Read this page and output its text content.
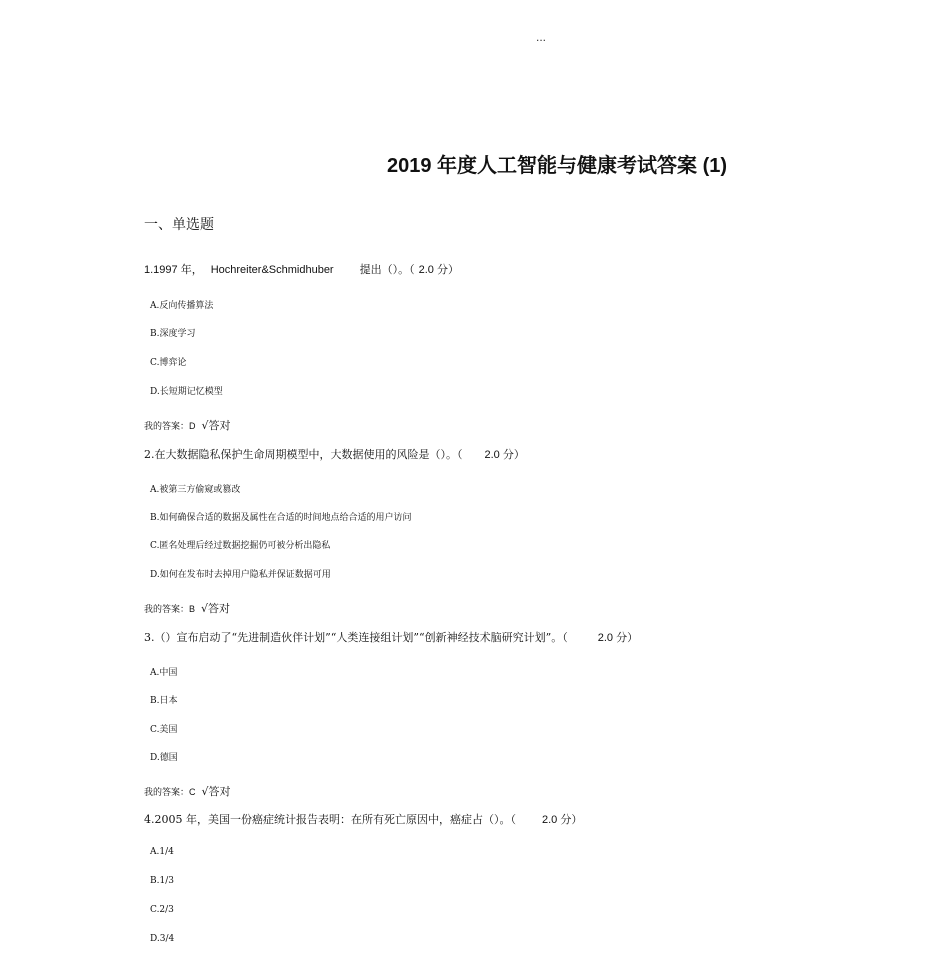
...
2019 年度人工智能与健康考试答案 (1)
一、单选题
1.1997 年， Hochreiter&Schmidhuber 提出（）。（ 2.0 分）
A.反向传播算法
B.深度学习
C.博弈论
D.长短期记忆模型
我的答案：D √答对
2.在大数据隐私保护生命周期模型中，大数据使用的风险是（）。（ 2.0 分）
A.被第三方偷窥或篡改
B.如何确保合适的数据及属性在合适的时间地点给合适的用户访问
C.匿名处理后经过数据挖掘仍可被分析出隐私
D.如何在发布时去掉用户隐私并保证数据可用
我的答案：B √答对
3.（）宣布启动了“先进制造伙伴计划”“人类连接组计划”“创新神经技术脑研究计划”。（	2.0 分）
A.中国
B.日本
C.美国
D.德国
我的答案：C √答对
4.2005 年，美国一份癌症统计报告表明：在所有死亡原因中，癌症占（）。（ 2.0 分）
A.1/4
B.1/3
C.2/3
D.3/4
